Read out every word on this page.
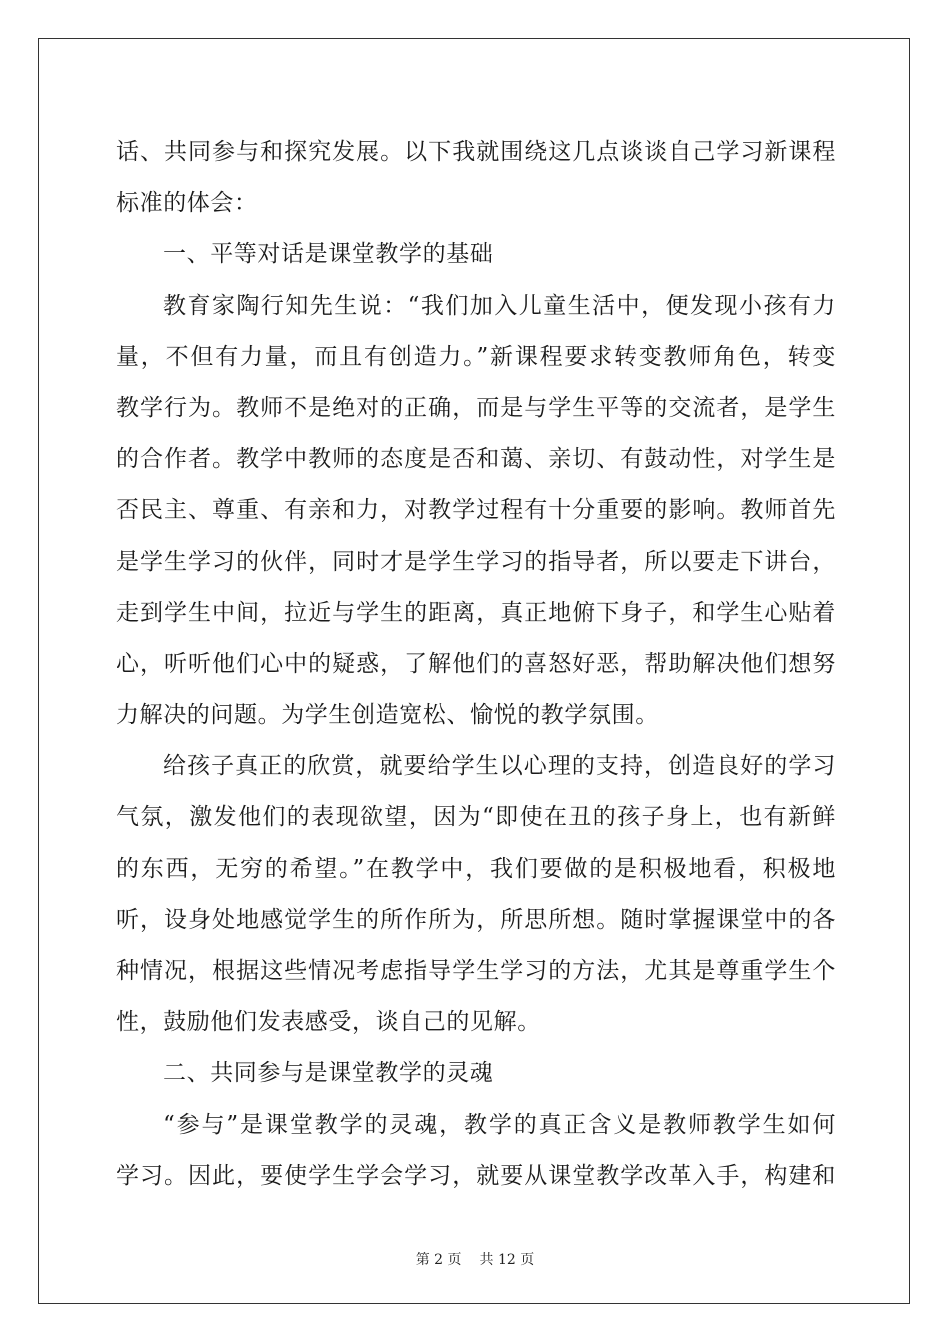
话、共同参与和探究发展。以下我就围绕这几点谈谈自己学习新课程
标准的体会：
一、平等对话是课堂教学的基础
教育家陶行知先生说：“我们加入儿童生活中，便发现小孩有力
量，不但有力量，而且有创造力。”新课程要求转变教师角色，转变
教学行为。教师不是绝对的正确，而是与学生平等的交流者，是学生
的合作者。教学中教师的态度是否和蔼、亲切、有鼓动性，对学生是
否民主、尊重、有亲和力，对教学过程有十分重要的影响。教师首先
是学生学习的伙伴，同时才是学生学习的指导者，所以要走下讲台，
走到学生中间，拉近与学生的距离，真正地俯下身子，和学生心贴着
心，听听他们心中的疑惑，了解他们的喜怒好恶，帮助解决他们想努
力解决的问题。为学生创造宽松、愉悦的教学氛围。
给孩子真正的欣赏，就要给学生以心理的支持，创造良好的学习
气氛，激发他们的表现欲望，因为“即使在丑的孩子身上，也有新鲜
的东西，无穷的希望。”在教学中，我们要做的是积极地看，积极地
听，设身处地感觉学生的所作所为，所思所想。随时掌握课堂中的各
种情况，根据这些情况考虑指导学生学习的方法，尤其是尊重学生个
性，鼓励他们发表感受，谈自己的见解。
二、共同参与是课堂教学的灵魂
“参与”是课堂教学的灵魂，教学的真正含义是教师教学生如何
学习。因此，要使学生学会学习，就要从课堂教学改革入手，构建和
第 2 页 共 12 页
